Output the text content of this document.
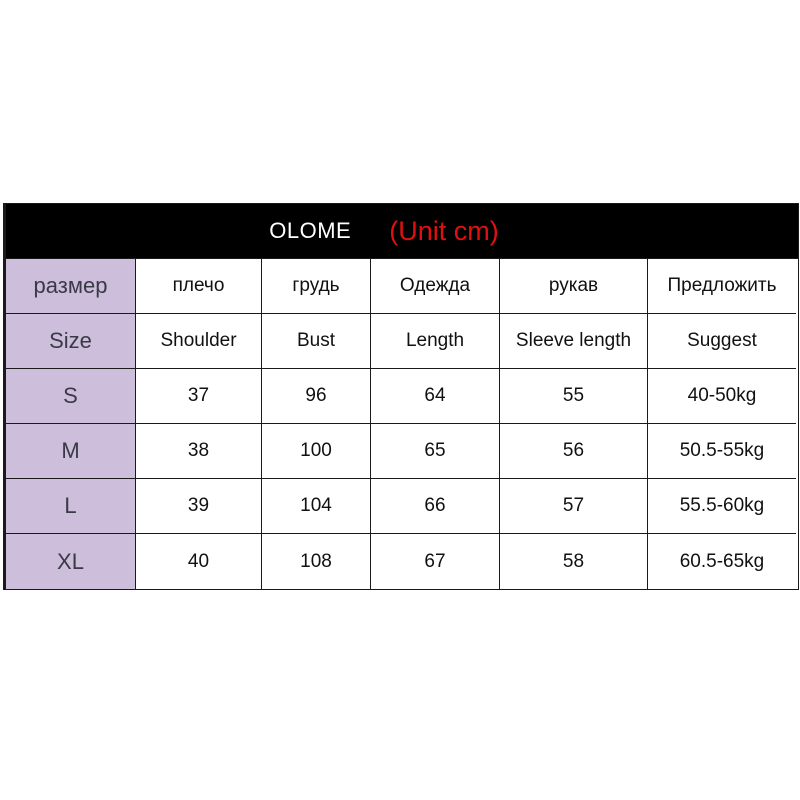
OLOME (Unit cm)
размер	плечо	грудь	Одежда	рукав	Предложить
Size	Shoulder	Bust	Length	Sleeve length	Suggest
S	37	96	64	55	40-50kg
M	38	100	65	56	50.5-55kg
L	39	104	66	57	55.5-60kg
XL	40	108	67	58	60.5-65kg
